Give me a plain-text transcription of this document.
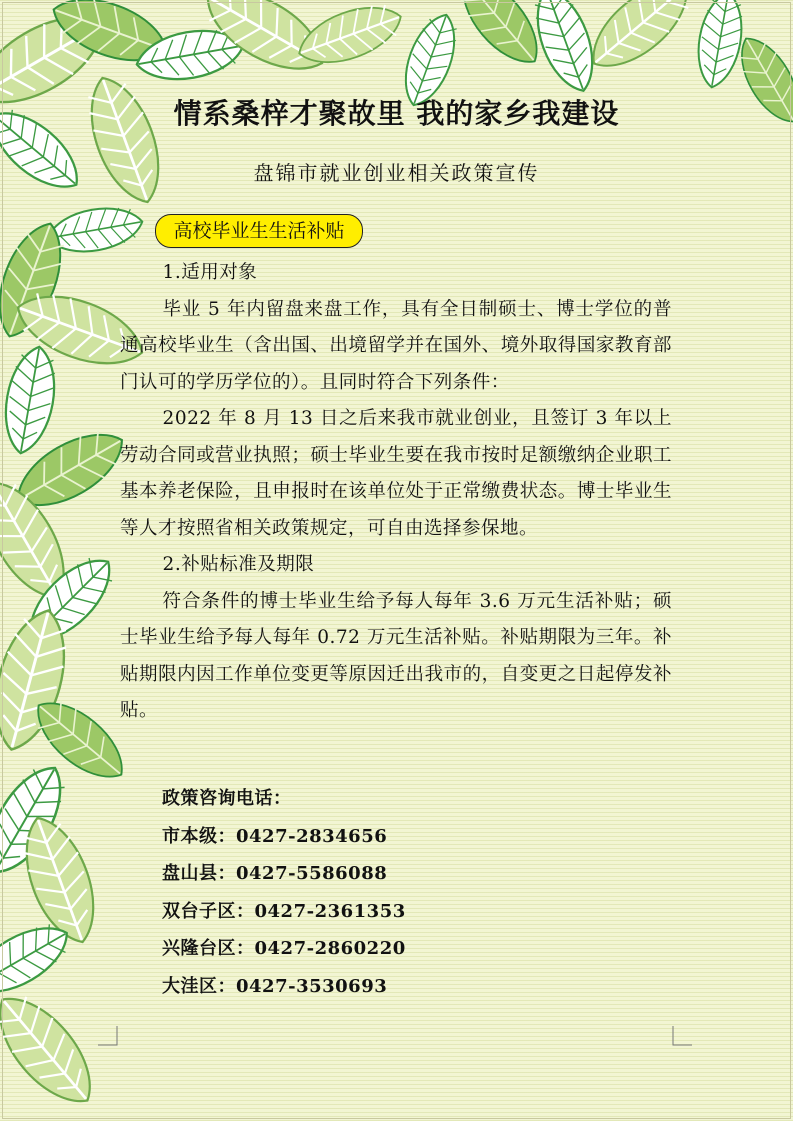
情系桑梓才聚故里 我的家乡我建设
盘锦市就业创业相关政策宣传
高校毕业生生活补贴

1.适用对象

毕业 5 年内留盘来盘工作，具有全日制硕士、博士学位的普通高校毕业生（含出国、出境留学并在国外、境外取得国家教育部门认可的学历学位的）。且同时符合下列条件：

2022 年 8 月 13 日之后来我市就业创业，且签订 3 年以上劳动合同或营业执照；硕士毕业生要在我市按时足额缴纳企业职工基本养老保险，且申报时在该单位处于正常缴费状态。博士毕业生等人才按照省相关政策规定，可自由选择参保地。

2.补贴标准及期限

符合条件的博士毕业生给予每人每年 3.6 万元生活补贴；硕士毕业生给予每人每年 0.72 万元生活补贴。补贴期限为三年。补贴期限内因工作单位变更等原因迁出我市的，自变更之日起停发补贴。

政策咨询电话：
市本级：0427-2834656
盘山县：0427-5586088
双台子区：0427-2361353
兴隆台区：0427-2860220
大洼区：0427-3530693
